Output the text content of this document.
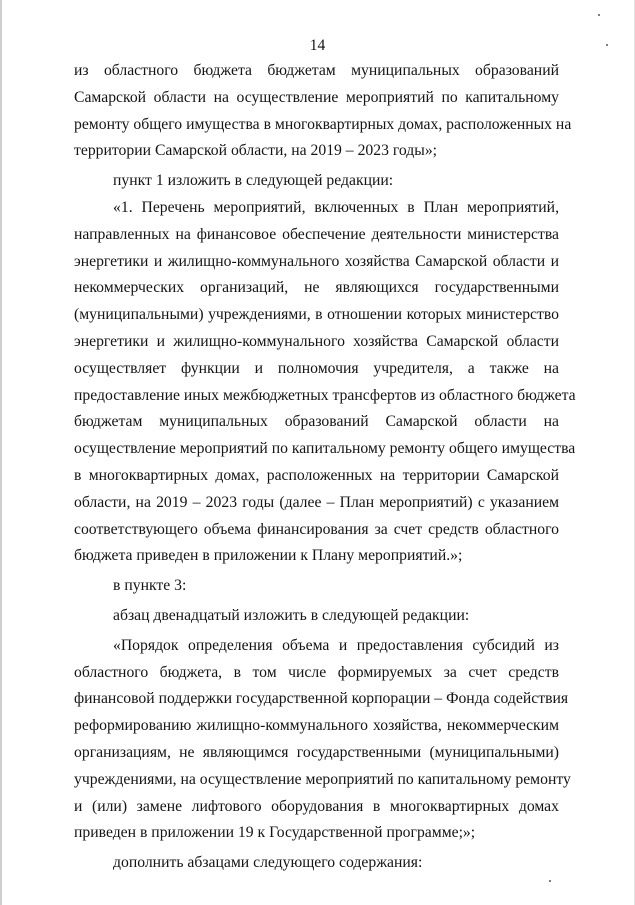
14
из областного бюджета бюджетам муниципальных образований
Самарской области на осуществление мероприятий по капитальному
ремонту общего имущества в многоквартирных домах, расположенных на
территории Самарской области, на 2019 – 2023 годы»;
пункт 1 изложить в следующей редакции:
«1. Перечень мероприятий, включенных в План мероприятий,
направленных на финансовое обеспечение деятельности министерства
энергетики и жилищно-коммунального хозяйства Самарской области и
некоммерческих организаций, не являющихся государственными
(муниципальными) учреждениями, в отношении которых министерство
энергетики и жилищно-коммунального хозяйства Самарской области
осуществляет функции и полномочия учредителя, а также на
предоставление иных межбюджетных трансфертов из областного бюджета
бюджетам муниципальных образований Самарской области на
осуществление мероприятий по капитальному ремонту общего имущества
в многоквартирных домах, расположенных на территории Самарской
области, на 2019 – 2023 годы (далее – План мероприятий) с указанием
соответствующего объема финансирования за счет средств областного
бюджета приведен в приложении к Плану мероприятий.»;
в пункте 3:
абзац двенадцатый изложить в следующей редакции:
«Порядок определения объема и предоставления субсидий из
областного бюджета, в том числе формируемых за счет средств
финансовой поддержки государственной корпорации – Фонда содействия
реформированию жилищно-коммунального хозяйства, некоммерческим
организациям, не являющимся государственными (муниципальными)
учреждениями, на осуществление мероприятий по капитальному ремонту
и (или) замене лифтового оборудования в многоквартирных домах
приведен в приложении 19 к Государственной программе;»;
дополнить абзацами следующего содержания:
